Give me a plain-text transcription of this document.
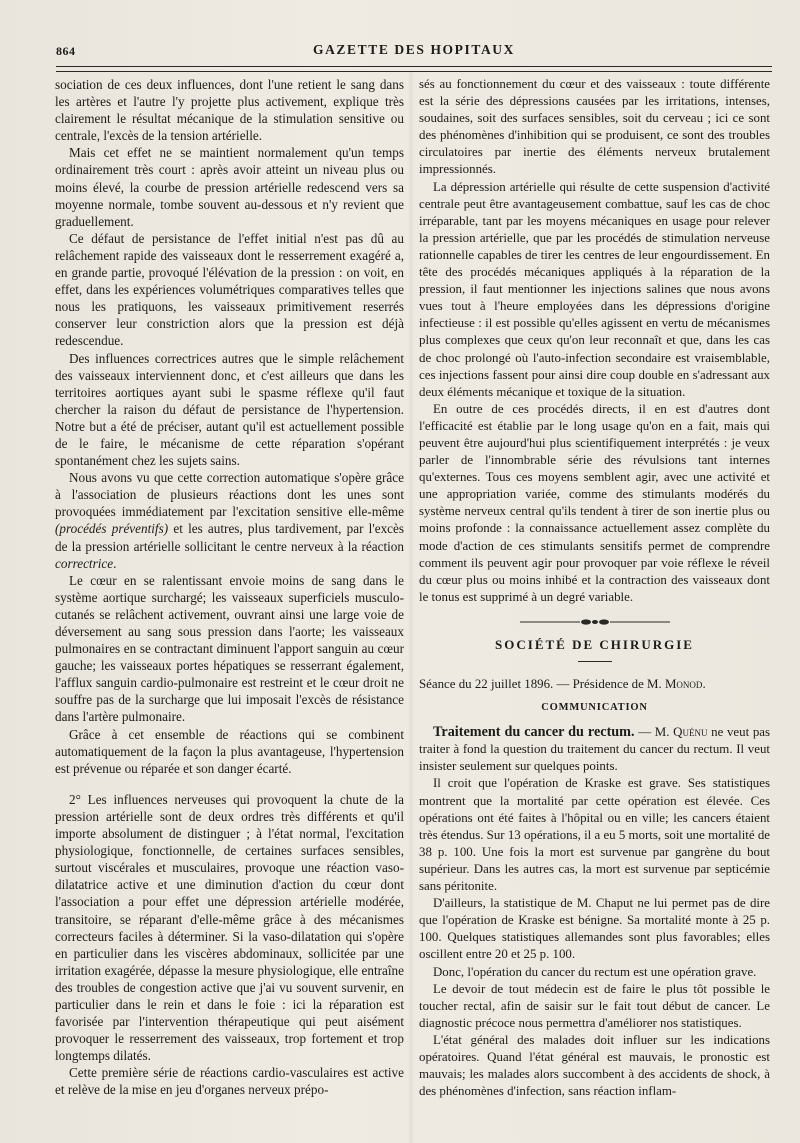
864	GAZETTE DES HOPITAUX

sociation de ces deux influences, dont l'une retient le sang dans les artères et l'autre l'y projette plus activement, explique très clairement le résultat mécanique de la stimulation sensitive ou centrale, l'excès de la tension artérielle.

Mais cet effet ne se maintient normalement qu'un temps ordinairement très court : après avoir atteint un niveau plus ou moins élevé, la courbe de pression artérielle redescend vers sa moyenne normale, tombe souvent au-dessous et n'y revient que graduellement.

Ce défaut de persistance de l'effet initial n'est pas dû au relâchement rapide des vaisseaux dont le resserrement exagéré a, en grande partie, provoqué l'élévation de la pression : on voit, en effet, dans les expériences volumétriques comparatives telles que nous les pratiquons, les vaisseaux primitivement reserrés conserver leur constriction alors que la pression est déjà redescendue.

Des influences correctrices autres que le simple relâchement des vaisseaux interviennent donc, et c'est ailleurs que dans les territoires aortiques ayant subi le spasme réflexe qu'il faut chercher la raison du défaut de persistance de l'hypertension. Notre but a été de préciser, autant qu'il est actuellement possible de le faire, le mécanisme de cette réparation s'opérant spontanément chez les sujets sains.

Nous avons vu que cette correction automatique s'opère grâce à l'association de plusieurs réactions dont les unes sont provoquées immédiatement par l'excitation sensitive elle-même (procédés préventifs) et les autres, plus tardivement, par l'excès de la pression artérielle sollicitant le centre nerveux à la réaction correctrice.

Le cœur en se ralentissant envoie moins de sang dans le système aortique surchargé; les vaisseaux superficiels musculo-cutanés se relâchent activement, ouvrant ainsi une large voie de déversement au sang sous pression dans l'aorte; les vaisseaux pulmonaires en se contractant diminuent l'apport sanguin au cœur gauche; les vaisseaux portes hépatiques se resserrant également, l'afflux sanguin cardio-pulmonaire est restreint et le cœur droit ne souffre pas de la surcharge que lui imposait l'excès de résistance dans l'artère pulmonaire.

Grâce à cet ensemble de réactions qui se combinent automatiquement de la façon la plus avantageuse, l'hypertension est prévenue ou réparée et son danger écarté.

2° Les influences nerveuses qui provoquent la chute de la pression artérielle sont de deux ordres très différents et qu'il importe absolument de distinguer ; à l'état normal, l'excitation physiologique, fonctionnelle, de certaines surfaces sensibles, surtout viscérales et musculaires, provoque une réaction vaso-dilatatrice active et une diminution d'action du cœur dont l'association a pour effet une dépression artérielle modérée, transitoire, se réparant d'elle-même grâce à des mécanismes correcteurs faciles à déterminer. Si la vaso-dilatation qui s'opère en particulier dans les viscères abdominaux, sollicitée par une irritation exagérée, dépasse la mesure physiologique, elle entraîne des troubles de congestion active que j'ai vu souvent survenir, en particulier dans le rein et dans le foie : ici la réparation est favorisée par l'intervention thérapeutique qui peut aisément provoquer le resserrement des vaisseaux, trop fortement et trop longtemps dilatés.

Cette première série de réactions cardio-vasculaires est active et relève de la mise en jeu d'organes nerveux prépo-

sés au fonctionnement du cœur et des vaisseaux : toute différente est la série des dépressions causées par les irritations, intenses, soudaines, soit des surfaces sensibles, soit du cerveau ; ici ce sont des phénomènes d'inhibition qui se produisent, ce sont des troubles circulatoires par inertie des éléments nerveux brutalement impressionnés.

La dépression artérielle qui résulte de cette suspension d'activité centrale peut être avantageusement combattue, sauf les cas de choc irréparable, tant par les moyens mécaniques en usage pour relever la pression artérielle, que par les procédés de stimulation nerveuse rationnelle capables de tirer les centres de leur engourdissement. En tête des procédés mécaniques appliqués à la réparation de la pression, il faut mentionner les injections salines que nous avons vues tout à l'heure employées dans les dépressions d'origine infectieuse : il est possible qu'elles agissent en vertu de mécanismes plus complexes que ceux qu'on leur reconnaît et que, dans les cas de choc prolongé où l'auto-infection secondaire est vraisemblable, ces injections fassent pour ainsi dire coup double en s'adressant aux deux éléments mécanique et toxique de la situation.

En outre de ces procédés directs, il en est d'autres dont l'efficacité est établie par le long usage qu'on en a fait, mais qui peuvent être aujourd'hui plus scientifiquement interprétés : je veux parler de l'innombrable série des révulsions tant internes qu'externes. Tous ces moyens semblent agir, avec une activité et une appropriation variée, comme des stimulants modérés du système nerveux central qu'ils tendent à tirer de son inertie plus ou moins profonde : la connaissance actuellement assez complète du mode d'action de ces stimulants sensitifs permet de comprendre comment ils peuvent agir pour provoquer par voie réflexe le réveil du cœur plus ou moins inhibé et la contraction des vaisseaux dont le tonus est supprimé à un degré variable.

SOCIÉTÉ DE CHIRURGIE

Séance du 22 juillet 1896. — Présidence de M. Monod.

COMMUNICATION

Traitement du cancer du rectum. — M. Quénu ne veut pas traiter à fond la question du traitement du cancer du rectum. Il veut insister seulement sur quelques points.

Il croit que l'opération de Kraske est grave. Ses statistiques montrent que la mortalité par cette opération est élevée. Ces opérations ont été faites à l'hôpital ou en ville; les cancers étaient très étendus. Sur 13 opérations, il a eu 5 morts, soit une mortalité de 38 p. 100. Une fois la mort est survenue par gangrène du bout supérieur. Dans les autres cas, la mort est survenue par septicémie sans péritonite.

D'ailleurs, la statistique de M. Chaput ne lui permet pas de dire que l'opération de Kraske est bénigne. Sa mortalité monte à 25 p. 100. Quelques statistiques allemandes sont plus favorables; elles oscillent entre 20 et 25 p. 100.

Donc, l'opération du cancer du rectum est une opération grave.

Le devoir de tout médecin est de faire le plus tôt possible le toucher rectal, afin de saisir sur le fait tout début de cancer. Le diagnostic précoce nous permettra d'améliorer nos statistiques.

L'état général des malades doit influer sur les indications opératoires. Quand l'état général est mauvais, le pronostic est mauvais; les malades alors succombent à des accidents de shock, à des phénomènes d'infection, sans réaction inflam-
